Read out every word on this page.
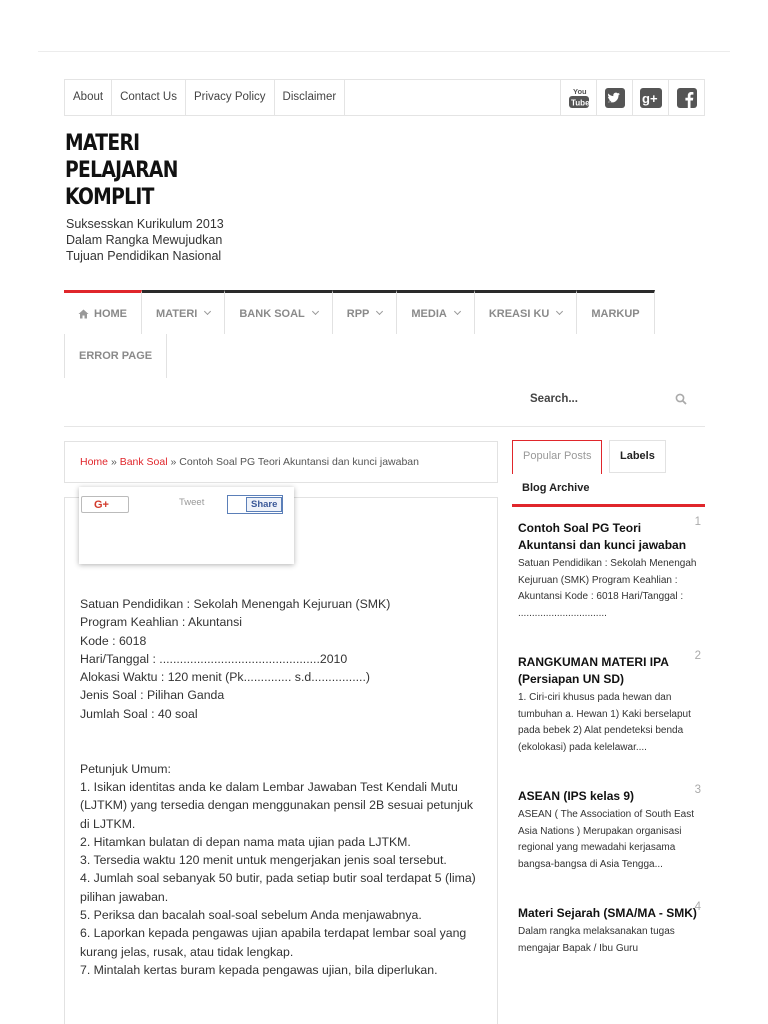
About	Contact Us	Privacy Policy	Disclaimer	You
Tube	g+
MATERI
PELAJARAN
KOMPLIT
Suksesskan Kurikulum 2013 Dalam Rangka Mewujudkan Tujuan Pendidikan Nasional
HOME	MATERI	BANK SOAL	RPP	MEDIA	KREASI KU	MARKUP
ERROR PAGE
Search...
Home » Bank Soal » Contoh Soal PG Teori Akuntansi dan kunci jawaban

Satuan Pendidikan : Sekolah Menengah Kejuruan (SMK)

Program Keahlian : Akuntansi

Kode : 6018

Hari/Tanggal : ...............................................2010

Alokasi Waktu : 120 menit (Pk.............. s.d................)

Jenis Soal : Pilihan Ganda

Jumlah Soal : 40 soal

Petunjuk Umum:

1. Isikan identitas anda ke dalam Lembar Jawaban Test Kendali Mutu (LJTKM) yang tersedia dengan menggunakan pensil 2B sesuai petunjuk di LJTKM.

2. Hitamkan bulatan di depan nama mata ujian pada LJTKM.

3. Tersedia waktu 120 menit untuk mengerjakan jenis soal tersebut.

4. Jumlah soal sebanyak 50 butir, pada setiap butir soal terdapat 5 (lima) pilihan jawaban.

5. Periksa dan bacalah soal-soal sebelum Anda menjawabnya.

6. Laporkan kepada pengawas ujian apabila terdapat lembar soal yang kurang jelas, rusak, atau tidak lengkap.

7. Mintalah kertas buram kepada pengawas ujian, bila diperlukan.

G+	Tweet	Share
Popular Posts	Labels
Blog Archive
1
Contoh Soal PG Teori Akuntansi dan kunci jawaban
Satuan Pendidikan : Sekolah Menengah Kejuruan (SMK) Program Keahlian : Akuntansi Kode : 6018 Hari/Tanggal : ................................
2
RANGKUMAN MATERI IPA (Persiapan UN SD)
1. Ciri-ciri khusus pada hewan dan tumbuhan a. Hewan 1) Kaki berselaput pada bebek 2) Alat pendeteksi benda (ekolokasi) pada kelelawar....
3
ASEAN (IPS kelas 9)
ASEAN ( The Association of South East Asia Nations ) Merupakan organisasi regional yang mewadahi kerjasama bangsa-bangsa di Asia Tengga...
4
Materi Sejarah (SMA/MA - SMK)
Dalam rangka melaksanakan tugas mengajar Bapak / Ibu Guru
